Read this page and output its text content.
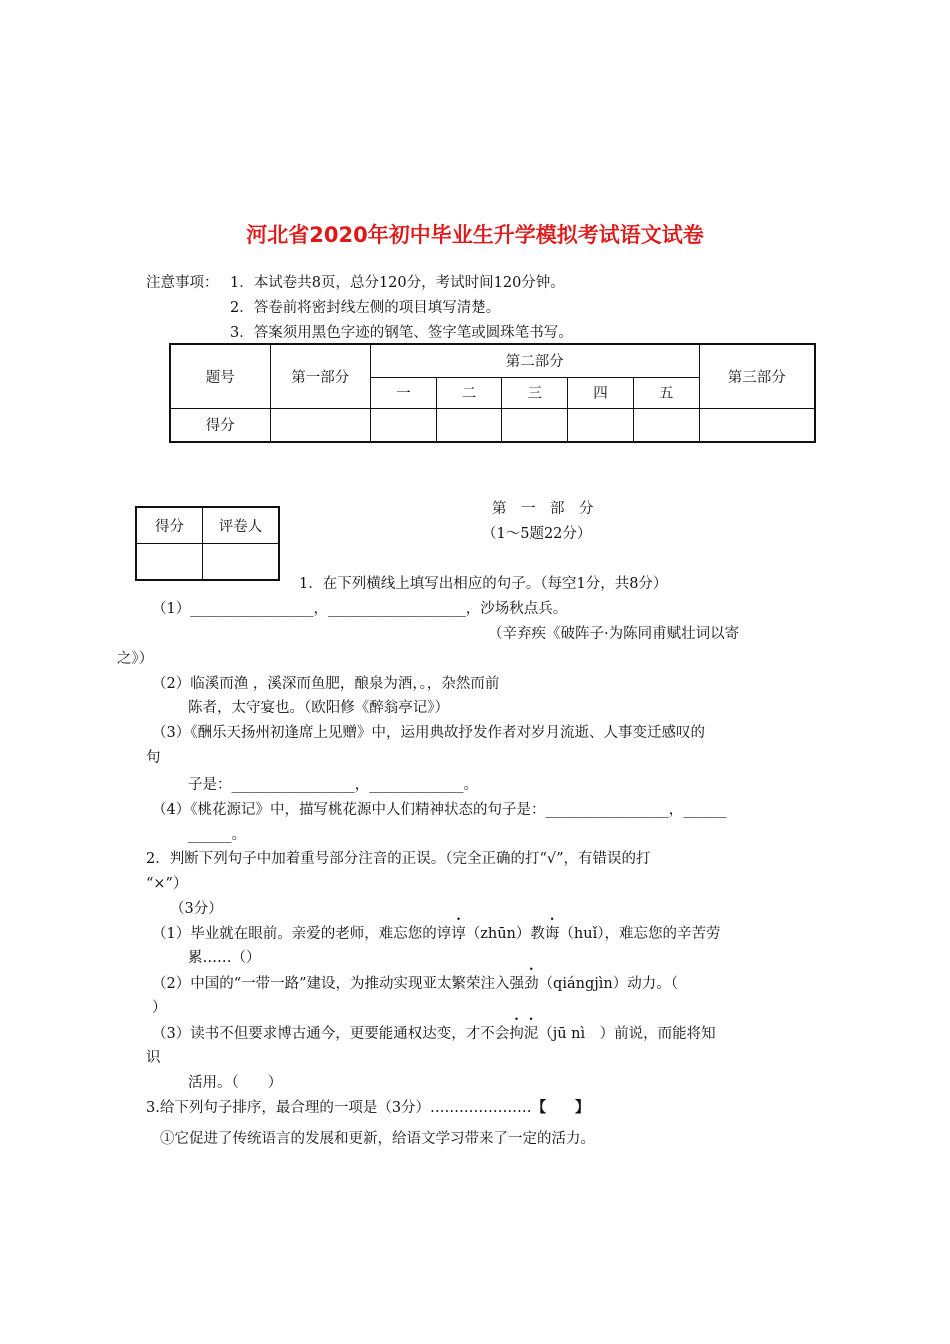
河北省2020年初中毕业生升学模拟考试语文试卷
注意事项： 1．本试卷共8页，总分120分，考试时间120分钟。
2．答卷前将密封线左侧的项目填写清楚。
3．答案须用黑色字迹的钢笔、签字笔或圆珠笔书写。
题号	第一部分	第二部分					第三部分
		一	二	三	四	五	
得分							
得分	评卷人

第　一　部　分
（1～5题22分）
1．在下列横线上填写出相应的句子。（每空1分，共8分）
（1）_________________，___________________，沙场秋点兵。
（辛弃疾《破阵子·为陈同甫赋壮词以寄
之》）
（2）临溪而渔 ，溪深而鱼肥，酿泉为酒，。，杂然而前
陈者，太守宴也。（欧阳修《醉翁亭记》）
（3）《酬乐天扬州初逢席上见赠》中，运用典故抒发作者对岁月流逝、人事变迁感叹的
句
子是：_________________，_____________。
（4）《桃花源记》中，描写桃花源中人们精神状态的句子是：_________________，______
______。
2．判断下列句子中加着重号部分注音的正误。（完全正确的打“√”，有错误的打
“×”）
（3分）
（1）毕业就在眼前。亲爱的老师，难忘您的谆谆（zhūn）教诲（huǐ），难忘您的辛苦劳
累……（）
（2）中国的“一带一路”建设，为推动实现亚太繁荣注入强劲（qiángjìn）动力。（
）
（3）读书不但要求博古通今，更要能通权达变，才不会拘泥（jū nì　）前说，而能将知
识
活用。（　　）
3.给下列句子排序，最合理的一项是（3分）…………………【　　】
①它促进了传统语言的发展和更新，给语文学习带来了一定的活力。
